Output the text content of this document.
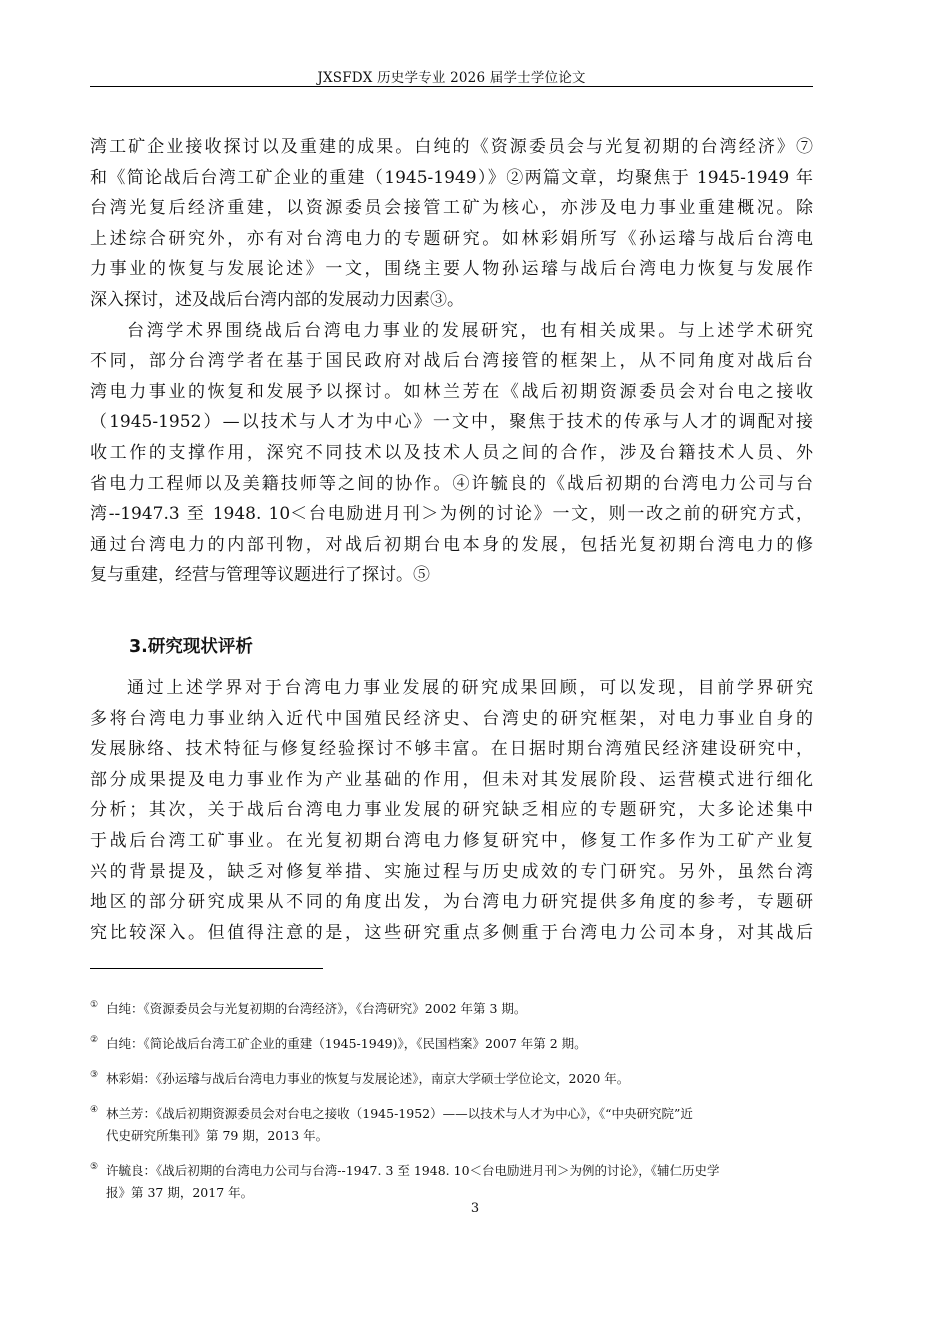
JXSFDX 历史学专业 2026 届学士学位论文
湾工矿企业接收探讨以及重建的成果。白纯的《资源委员会与光复初期的台湾经济》⑦
和《简论战后台湾工矿企业的重建（1945-1949）》②两篇文章，均聚焦于 1945-1949 年
台湾光复后经济重建，以资源委员会接管工矿为核心，亦涉及电力事业重建概况。除
上述综合研究外，亦有对台湾电力的专题研究。如林彩娟所写《孙运璿与战后台湾电
力事业的恢复与发展论述》一文，围绕主要人物孙运璿与战后台湾电力恢复与发展作
深入探讨，述及战后台湾内部的发展动力因素③。
台湾学术界围绕战后台湾电力事业的发展研究，也有相关成果。与上述学术研究
不同，部分台湾学者在基于国民政府对战后台湾接管的框架上，从不同角度对战后台
湾电力事业的恢复和发展予以探讨。如林兰芳在《战后初期资源委员会对台电之接收
（1945-1952）—以技术与人才为中心》一文中，聚焦于技术的传承与人才的调配对接
收工作的支撑作用，深究不同技术以及技术人员之间的合作，涉及台籍技术人员、外
省电力工程师以及美籍技师等之间的协作。④许毓良的《战后初期的台湾电力公司与台
湾--1947.3 至 1948. 10＜台电励进月刊＞为例的讨论》一文，则一改之前的研究方式，
通过台湾电力的内部刊物，对战后初期台电本身的发展，包括光复初期台湾电力的修
复与重建，经营与管理等议题进行了探讨。⑤
3.研究现状评析
通过上述学界对于台湾电力事业发展的研究成果回顾，可以发现，目前学界研究
多将台湾电力事业纳入近代中国殖民经济史、台湾史的研究框架，对电力事业自身的
发展脉络、技术特征与修复经验探讨不够丰富。在日据时期台湾殖民经济建设研究中，
部分成果提及电力事业作为产业基础的作用，但未对其发展阶段、运营模式进行细化
分析；其次，关于战后台湾电力事业发展的研究缺乏相应的专题研究，大多论述集中
于战后台湾工矿事业。在光复初期台湾电力修复研究中，修复工作多作为工矿产业复
兴的背景提及，缺乏对修复举措、实施过程与历史成效的专门研究。另外，虽然台湾
地区的部分研究成果从不同的角度出发，为台湾电力研究提供多角度的参考，专题研
究比较深入。但值得注意的是，这些研究重点多侧重于台湾电力公司本身，对其战后
① 白纯：《资源委员会与光复初期的台湾经济》，《台湾研究》2002 年第 3 期。
② 白纯：《简论战后台湾工矿企业的重建（1945-1949)》，《民国档案》2007 年第 2 期。
③ 林彩娟：《孙运璿与战后台湾电力事业的恢复与发展论述》，南京大学硕士学位论文，2020 年。
④ 林兰芳：《战后初期资源委员会对台电之接收（1945-1952）——以技术与人才为中心》，《“中央研究院”近
代史研究所集刊》第 79 期，2013 年。
⑤ 许毓良：《战后初期的台湾电力公司与台湾--1947. 3 至 1948. 10＜台电励进月刊＞为例的讨论》，《辅仁历史学
报》第 37 期，2017 年。
3
